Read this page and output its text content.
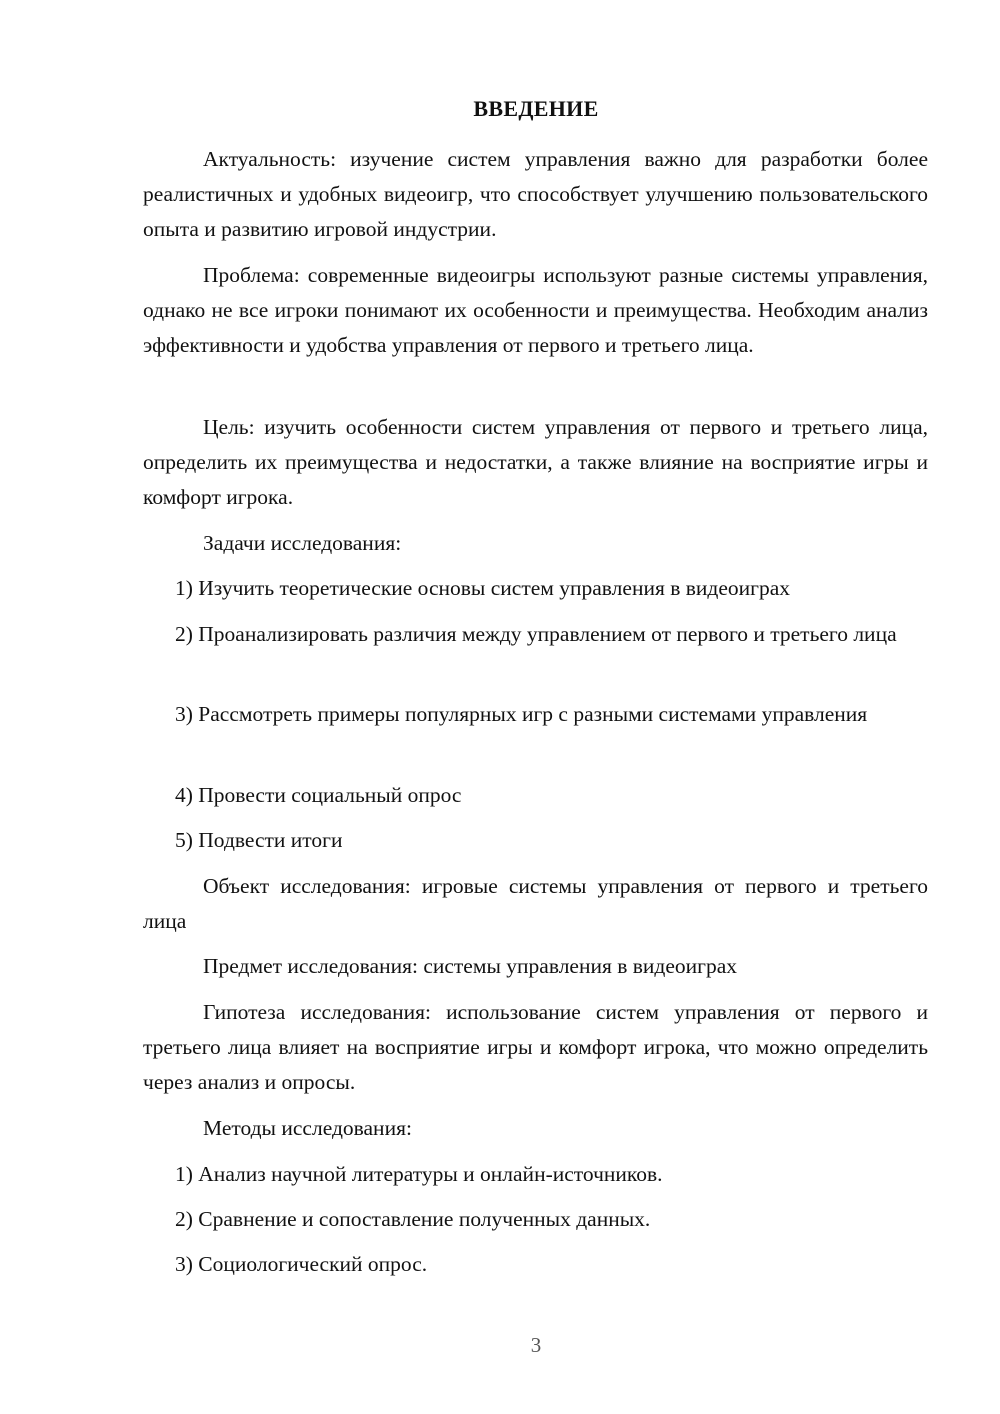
ВВЕДЕНИЕ

Актуальность: изучение систем управления важно для разработки более реалистичных и удобных видеоигр, что способствует улучшению пользовательского опыта и развитию игровой индустрии.

Проблема: современные видеоигры используют разные системы управления, однако не все игроки понимают их особенности и преимущества. Необходим анализ эффективности и удобства управления от первого и третьего лица.

Цель: изучить особенности систем управления от первого и третьего лица, определить их преимущества и недостатки, а также влияние на восприятие игры и комфорт игрока.

Задачи исследования:

1) Изучить теоретические основы систем управления в видеоиграх

2) Проанализировать различия между управлением от первого и третьего лица

3) Рассмотреть примеры популярных игр с разными системами управления

4) Провести социальный опрос

5) Подвести итоги

Объект исследования: игровые системы управления от первого и третьего лица

Предмет исследования: системы управления в видеоиграх

Гипотеза исследования: использование систем управления от первого и третьего лица влияет на восприятие игры и комфорт игрока, что можно определить через анализ и опросы.

Методы исследования:

1) Анализ научной литературы и онлайн-источников.

2) Сравнение и сопоставление полученных данных.

3) Социологический опрос.

3
